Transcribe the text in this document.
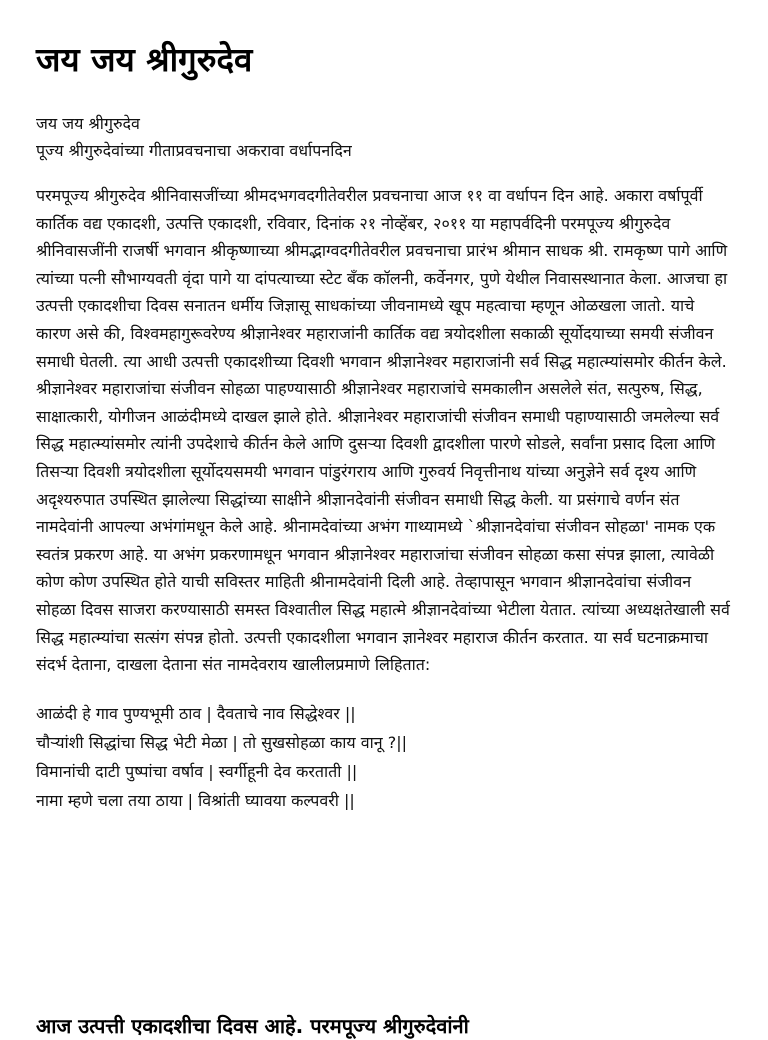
जय जय श्रीगुरुदेव
जय जय श्रीगुरुदेव
पूज्य श्रीगुरुदेवांच्या गीताप्रवचनाचा अकरावा वर्धापनदिन
परमपूज्य श्रीगुरुदेव श्रीनिवासजींच्या श्रीमदभगवदगीतेवरील प्रवचनाचा आज ११ वा वर्धापन दिन आहे. अकारा वर्षापूर्वी कार्तिक वद्य एकादशी, उत्पत्ति एकादशी, रविवार, दिनांक २१ नोव्हेंबर, २०११ या महापर्वदिनी परमपूज्य श्रीगुरुदेव श्रीनिवासजींनी राजर्षी भगवान श्रीकृष्णाच्या श्रीमद्भाग्वदगीतेवरील प्रवचनाचा प्रारंभ श्रीमान साधक श्री. रामकृष्ण पागे आणि त्यांच्या पत्नी सौभाग्यवती वृंदा पागे या दांपत्याच्या स्टेट बँक कॉलनी, कर्वेनगर, पुणे येथील निवासस्थानात केला. आजचा हा उत्पत्ती एकादशीचा दिवस सनातन धर्मीय जिज्ञासू साधकांच्या जीवनामध्ये खूप महत्वाचा म्हणून ओळखला जातो. याचे कारण असे की, विश्वमहागुरूवरेण्य श्रीज्ञानेश्वर महाराजांनी कार्तिक वद्य त्रयोदशीला सकाळी सूर्योदयाच्या समयी संजीवन समाधी घेतली. त्या आधी उत्पत्ती एकादशीच्या दिवशी भगवान श्रीज्ञानेश्वर महाराजांनी सर्व सिद्ध महात्म्यांसमोर कीर्तन केले. श्रीज्ञानेश्वर महाराजांचा संजीवन सोहळा पाहण्यासाठी श्रीज्ञानेश्वर महाराजांचे समकालीन असलेले संत, सत्पुरुष, सिद्ध, साक्षात्कारी, योगीजन आळंदीमध्ये दाखल झाले होते. श्रीज्ञानेश्वर महाराजांची संजीवन समाधी पहाण्यासाठी जमलेल्या सर्व सिद्ध महात्म्यांसमोर त्यांनी उपदेशाचे कीर्तन केले आणि दुसऱ्या दिवशी द्वादशीला पारणे सोडले, सर्वांना प्रसाद दिला आणि तिसऱ्या दिवशी त्रयोदशीला सूर्योदयसमयी भगवान पांडुरंगराय आणि गुरुवर्य निवृत्तीनाथ यांच्या अनुज्ञेने सर्व दृश्य आणि अदृश्यरुपात उपस्थित झालेल्या सिद्धांच्या साक्षीने श्रीज्ञानदेवांनी संजीवन समाधी सिद्ध केली. या प्रसंगाचे वर्णन संत नामदेवांनी आपल्या अभंगांमधून केले आहे. श्रीनामदेवांच्या अभंग गाथ्यामध्ये `श्रीज्ञानदेवांचा संजीवन सोहळा' नामक एक स्वतंत्र प्रकरण आहे. या अभंग प्रकरणामधून भगवान श्रीज्ञानेश्वर महाराजांचा संजीवन सोहळा कसा संपन्न झाला, त्यावेळी कोण कोण उपस्थित होते याची सविस्तर माहिती श्रीनामदेवांनी दिली आहे. तेव्हापासून भगवान श्रीज्ञानदेवांचा संजीवन सोहळा दिवस साजरा करण्यासाठी समस्त विश्वातील सिद्ध महात्मे श्रीज्ञानदेवांच्या भेटीला येतात. त्यांच्या अध्यक्षतेखाली सर्व सिद्ध महात्म्यांचा सत्संग संपन्न होतो. उत्पत्ती एकादशीला भगवान ज्ञानेश्वर महाराज कीर्तन करतात. या सर्व घटनाक्रमाचा संदर्भ देताना, दाखला देताना संत नामदेवराय खालीलप्रमाणे लिहितात:
आळंदी हे गाव पुण्यभूमी ठाव | दैवताचे नाव सिद्धेश्वर ||
चौऱ्यांशी सिद्धांचा सिद्ध भेटी मेळा | तो सुखसोहळा काय वानू ?||
विमानांची दाटी पुष्पांचा वर्षाव | स्वर्गीहूनी देव करताती ||
नामा म्हणे चला तया ठाया | विश्रांती घ्यावया कल्पवरी ||
आज उत्पत्ती एकादशीचा दिवस आहे. परमपूज्य श्रीगुरुदेवांनी
